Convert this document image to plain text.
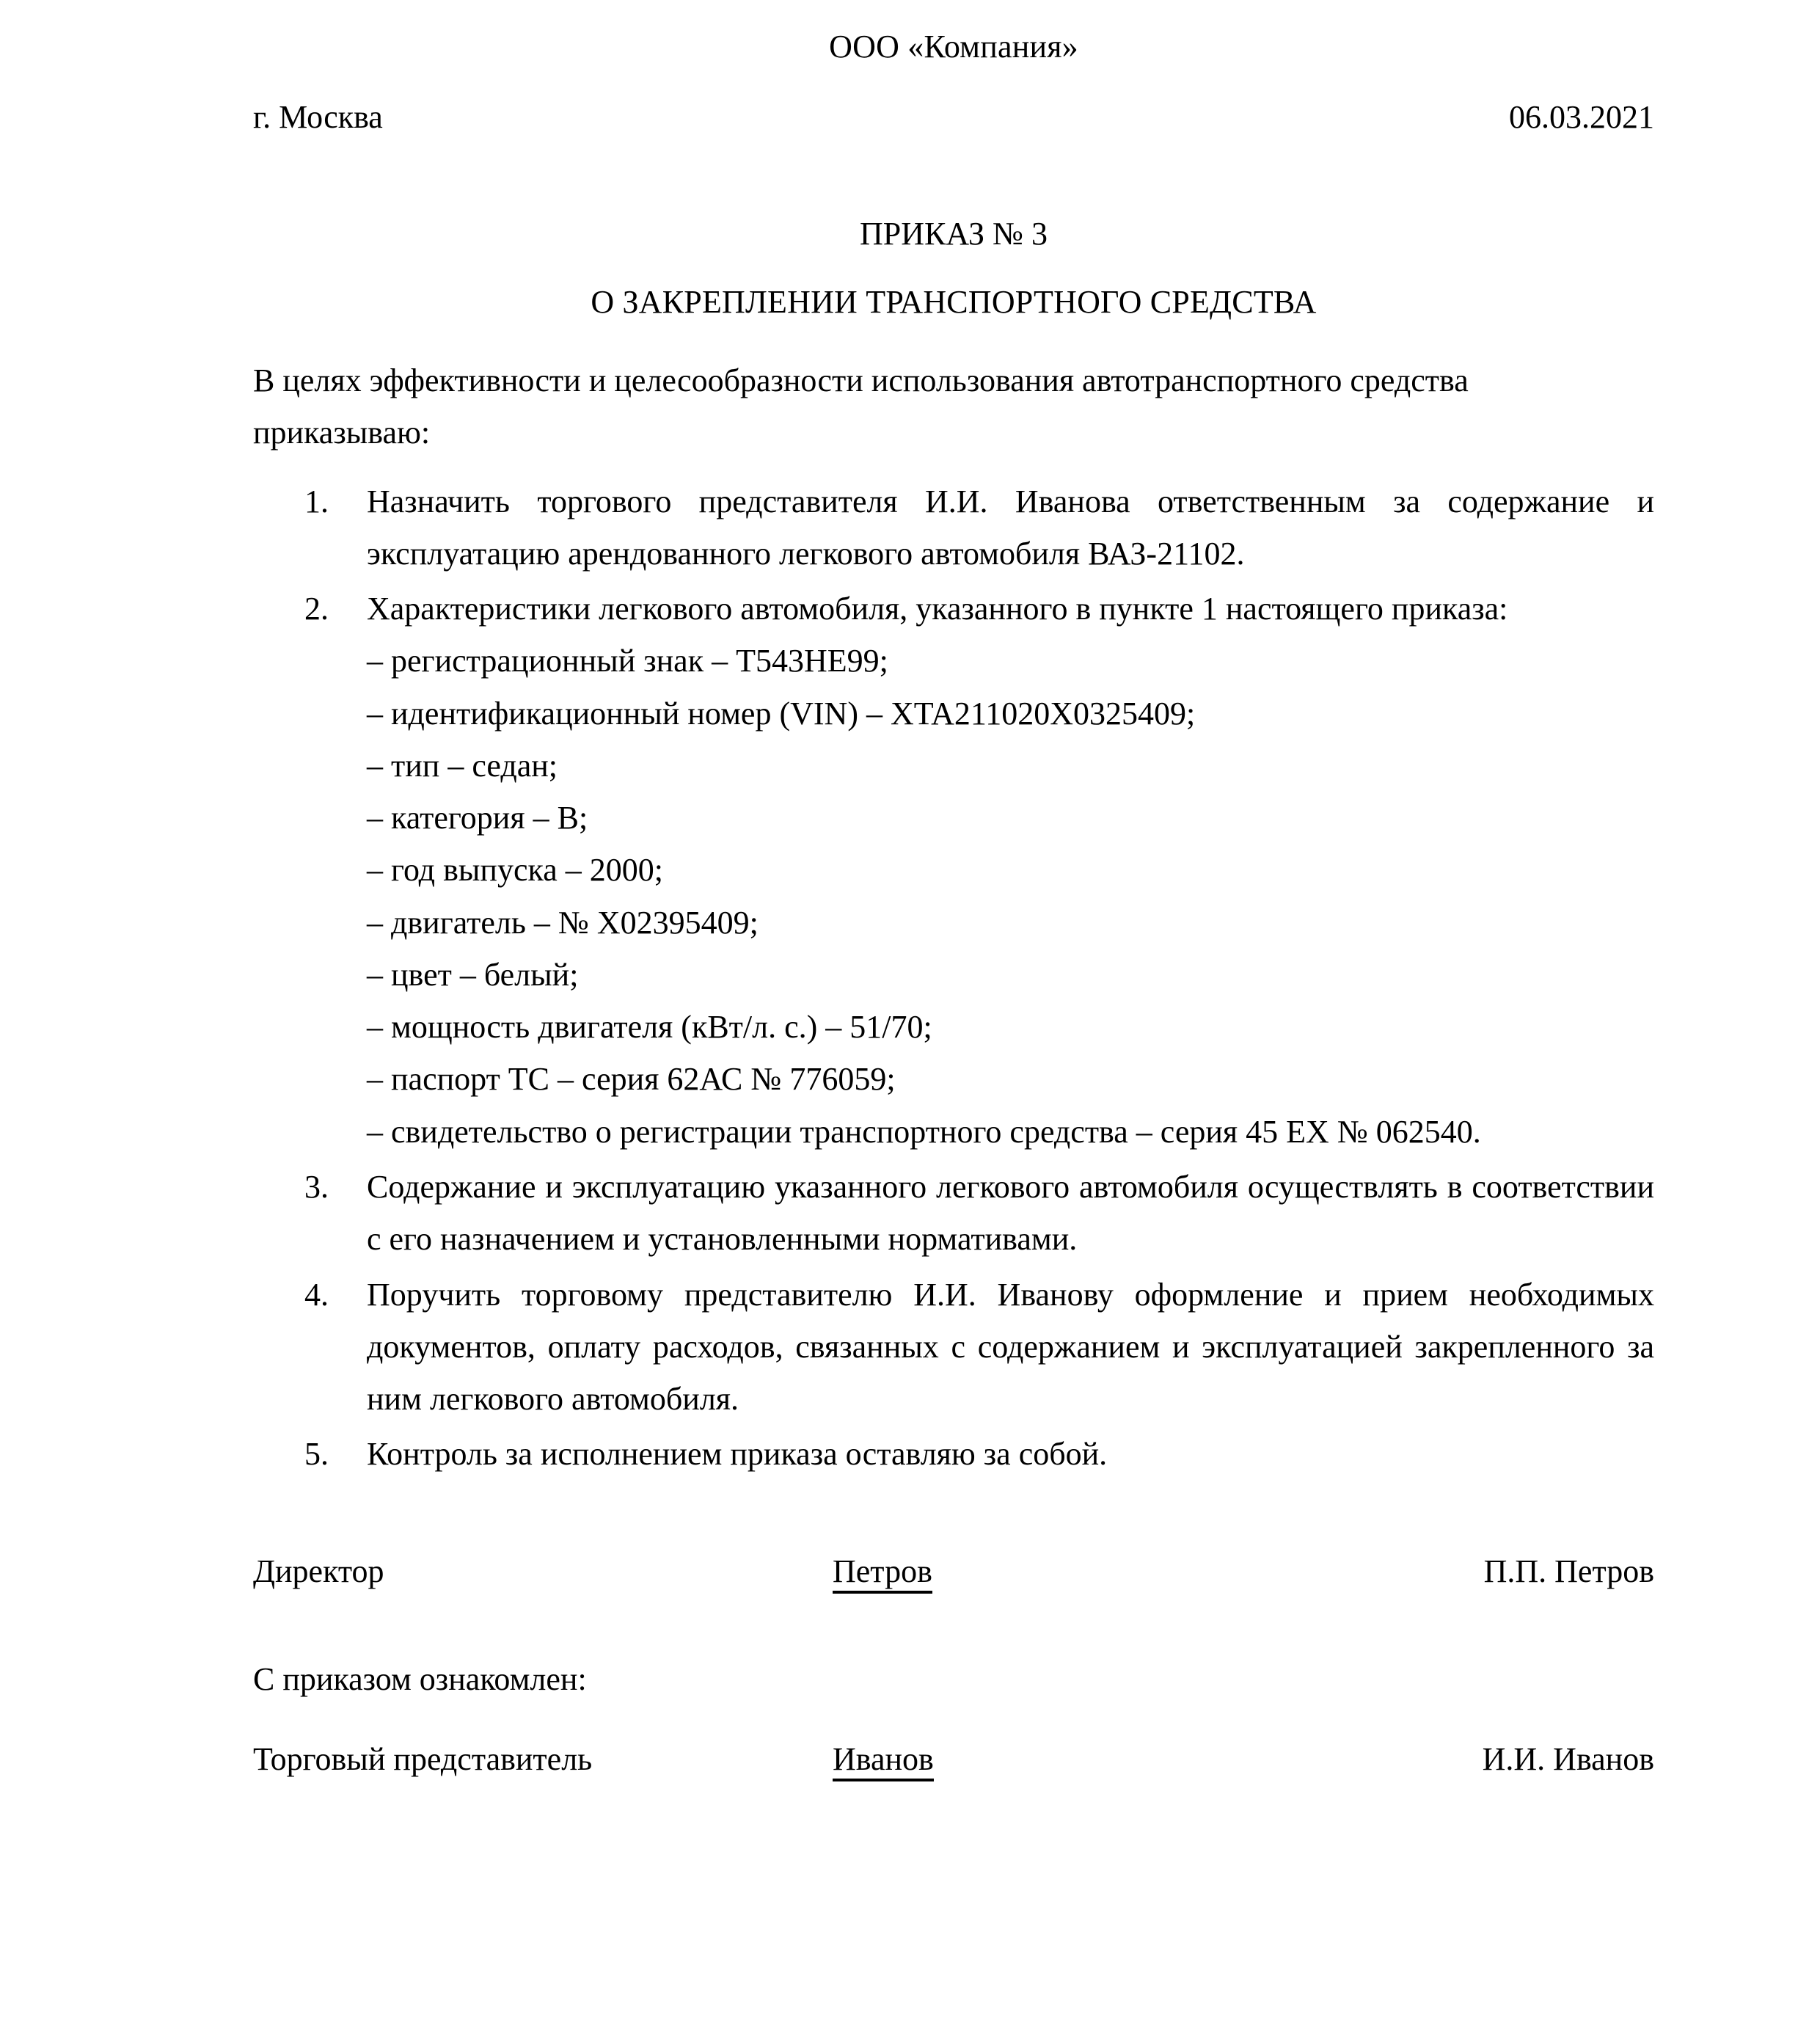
ООО «Компания»
г. Москва	06.03.2021
ПРИКАЗ № 3
О ЗАКРЕПЛЕНИИ ТРАНСПОРТНОГО СРЕДСТВА
В целях эффективности и целесообразности использования автотранспортного средства
приказываю:
1.	Назначить торгового представителя И.И. Иванова ответственным за содержание и эксплуатацию арендованного легкового автомобиля ВАЗ-21102.
2.	Характеристики легкового автомобиля, указанного в пункте 1 настоящего приказа:
– регистрационный знак – Т543НЕ99;
– идентификационный номер (VIN) – XTA211020X0325409;
– тип – седан;
– категория – В;
– год выпуска – 2000;
– двигатель – № X02395409;
– цвет – белый;
– мощность двигателя (кВт/л. с.) – 51/70;
– паспорт ТС – серия 62АС № 776059;
– свидетельство о регистрации транспортного средства – серия 45 ЕХ № 062540.
3.	Содержание и эксплуатацию указанного легкового автомобиля осуществлять в соответствии с его назначением и установленными нормативами.
4.	Поручить торговому представителю И.И. Иванову оформление и прием необходимых документов, оплату расходов, связанных с содержанием и эксплуатацией закрепленного за ним легкового автомобиля.
5.	Контроль за исполнением приказа оставляю за собой.
Директор	Петров	П.П. Петров
С приказом ознакомлен:
Торговый представитель	Иванов	И.И. Иванов
